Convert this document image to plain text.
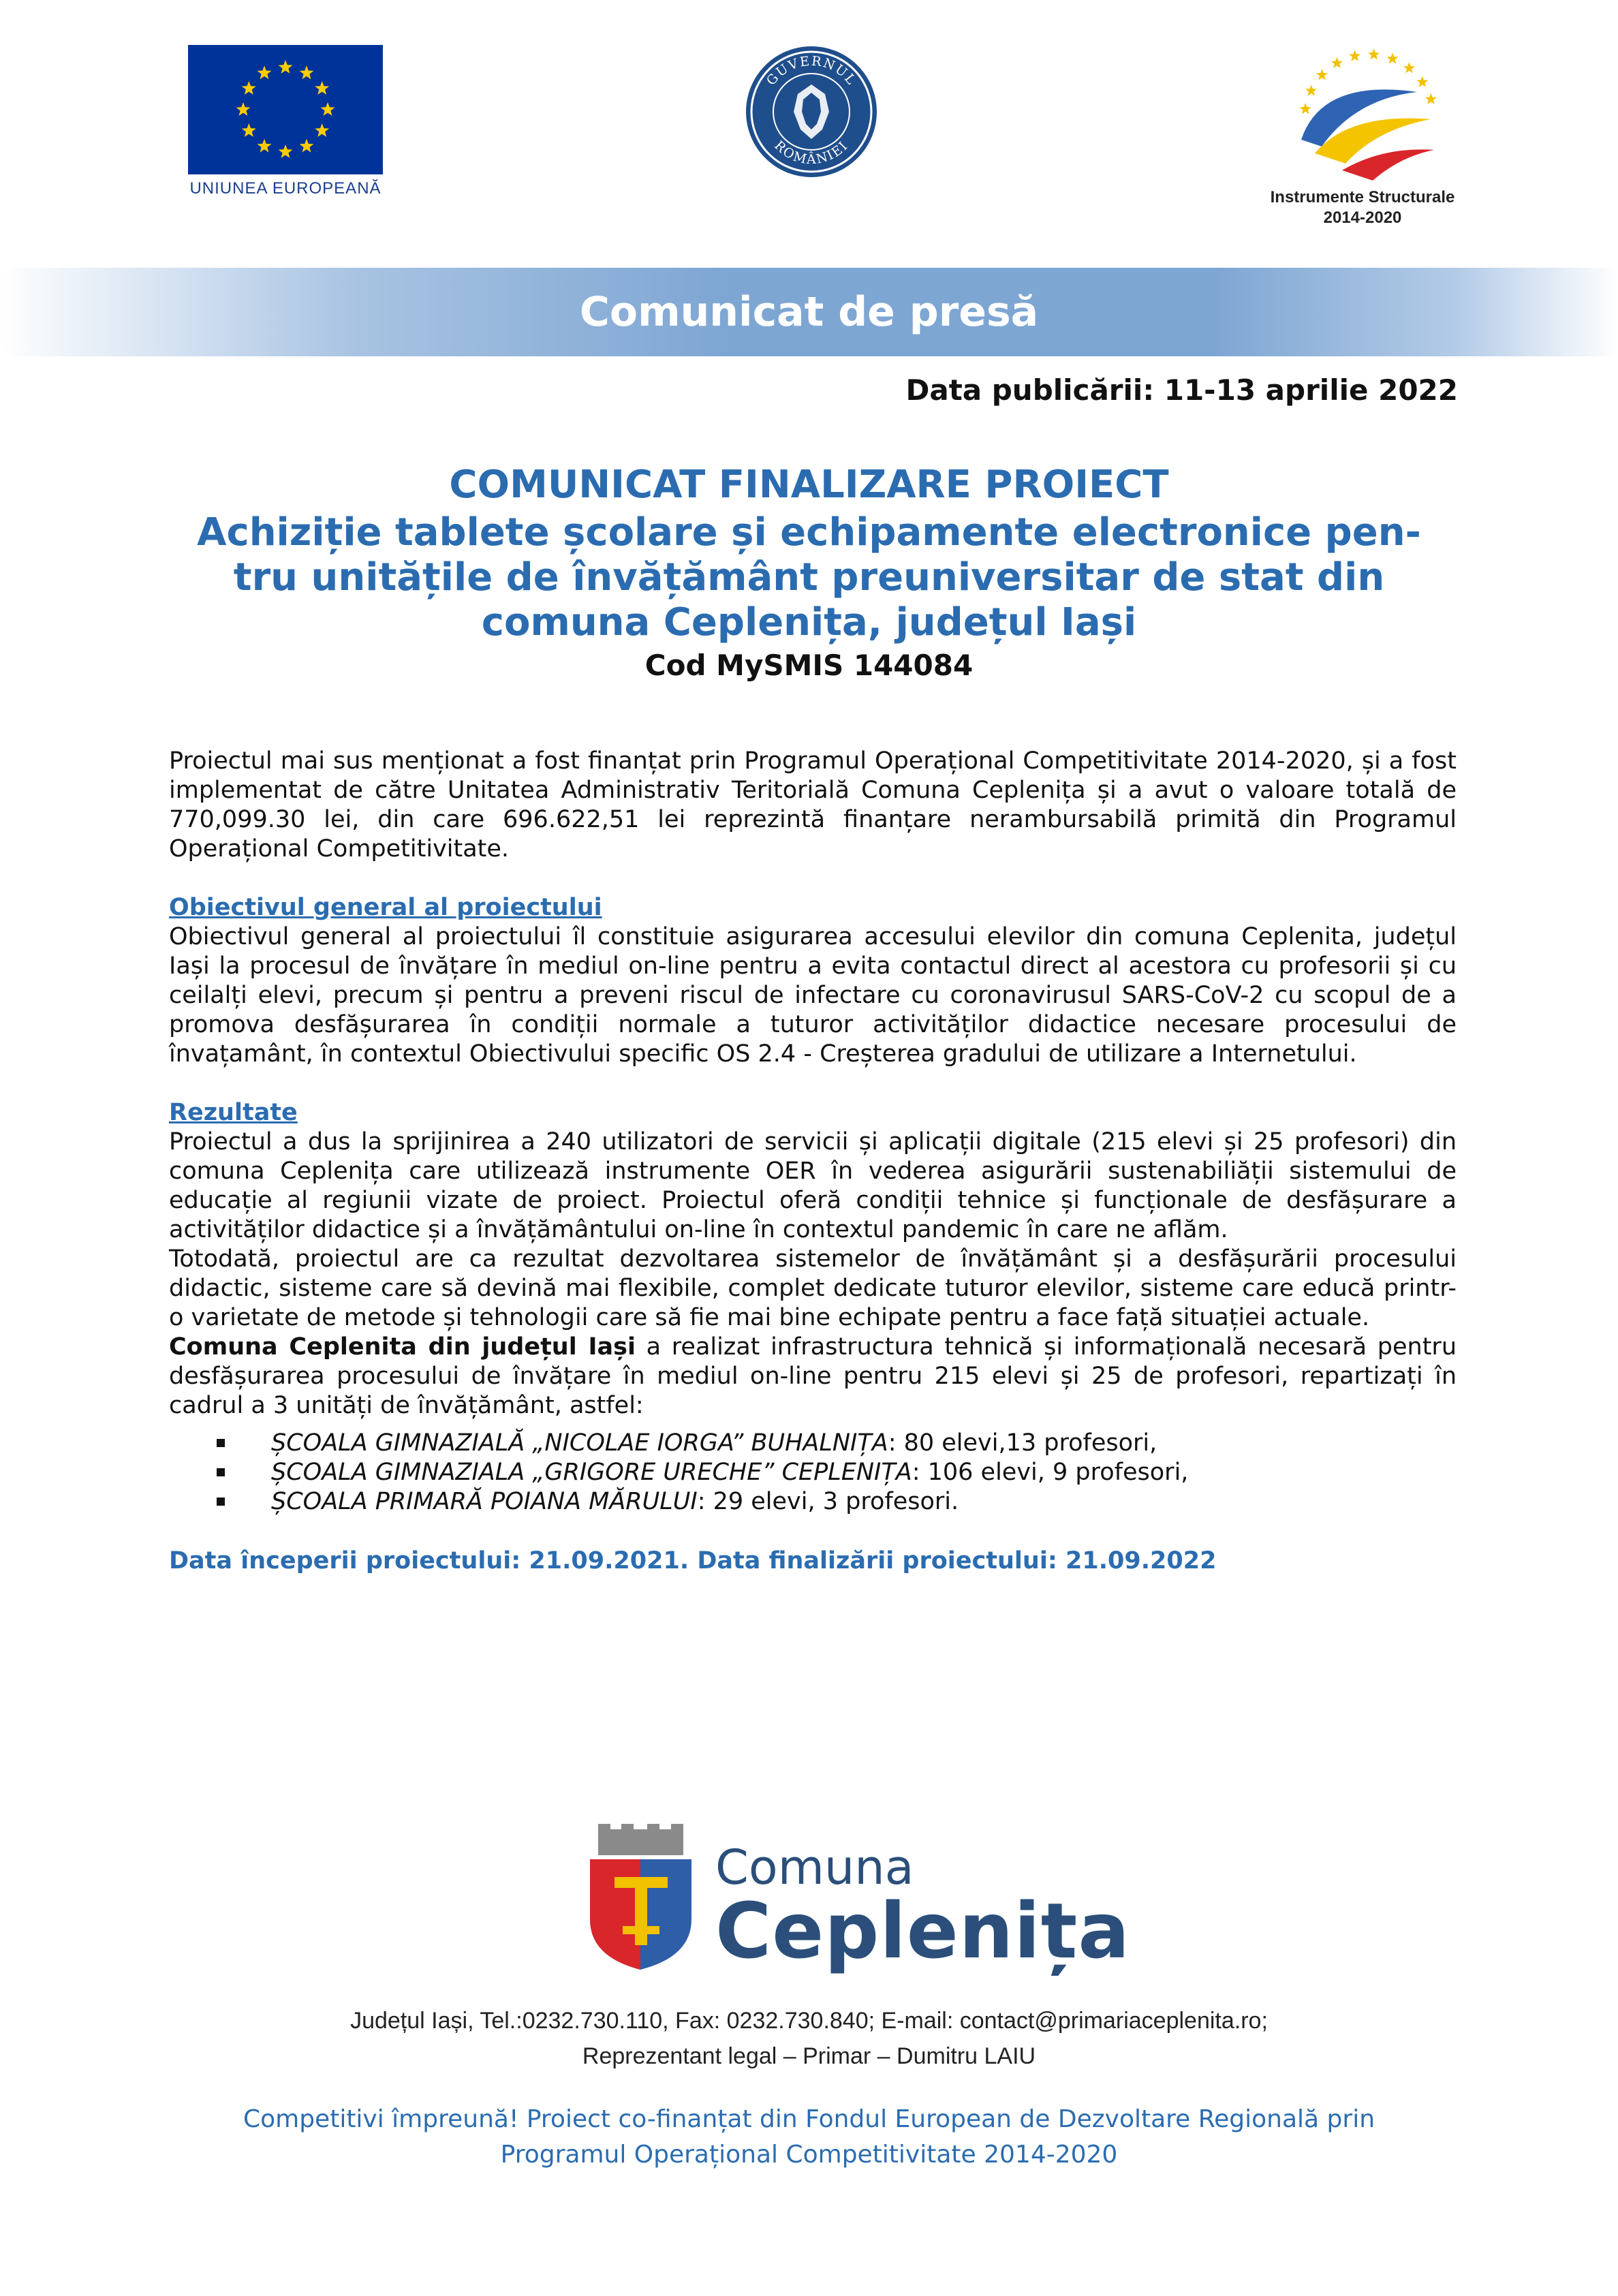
UNIUNEA EUROPEANĂ
GUVERNUL
ROMÂNIEI
Instrumente Structurale
2014-2020
Comunicat de presă
Data publicării: 11-13 aprilie 2022
COMUNICAT FINALIZARE PROIECT
Achiziție tablete școlare și echipamente electronice pen-
tru unitățile de învățământ preuniversitar de stat din
comuna Ceplenița, județul Iași
Cod MySMIS 144084

Proiectul mai sus menționat a fost finanțat prin Programul Operațional Competitivitate 2014-2020, și a fost implementat de către Unitatea Administrativ Teritorială Comuna Ceplenița și a avut o valoare totală de 770,099.30 lei, din care 696.622,51 lei reprezintă finanțare nerambursabilă primită din Programul Operațional Competitivitate.

Obiectivul general al proiectului

Obiectivul general al proiectului îl constituie asigurarea accesului elevilor din comuna Ceplenita, județul Iași la procesul de învățare în mediul on-line pentru a evita contactul direct al acestora cu profesorii și cu ceilalți elevi, precum și pentru a preveni riscul de infectare cu coronavirusul SARS-CoV-2 cu scopul de a promova desfășurarea în condiții normale a tuturor activităților didactice necesare procesului de învațamânt, în contextul Obiectivului specific OS 2.4 - Creșterea gradului de utilizare a Internetului.

Rezultate

Proiectul a dus la sprijinirea a 240 utilizatori de servicii și aplicații digitale (215 elevi și 25 profesori) din comuna Ceplenița care utilizează instrumente OER în vederea asigurării sustenabiliății sistemului de educație al regiunii vizate de proiect. Proiectul oferă condiții tehnice și funcționale de desfășurare a activităților didactice și a învățământului on-line în contextul pandemic în care ne aflăm.

Totodată, proiectul are ca rezultat dezvoltarea sistemelor de învățământ și a desfășurării procesului didactic, sisteme care să devină mai flexibile, complet dedicate tuturor elevilor, sisteme care educă printr-o varietate de metode și tehnologii care să fie mai bine echipate pentru a face față situației actuale.

Comuna Ceplenita din județul Iași a realizat infrastructura tehnică și informațională necesară pentru desfășurarea procesului de învățare în mediul on-line pentru 215 elevi și 25 de profesori, repartizați în cadrul a 3 unități de învățământ, astfel:

ȘCOALA GIMNAZIALĂ „NICOLAE IORGA” BUHALNIȚA: 80 elevi,13 profesori,
ȘCOALA GIMNAZIALA „GRIGORE URECHE” CEPLENIȚA: 106 elevi, 9 profesori,
ȘCOALA PRIMARĂ POIANA MĂRULUI: 29 elevi, 3 profesori.
Data începerii proiectului: 21.09.2021. Data finalizării proiectului: 21.09.2022
Comuna
Ceplenița
Județul Iași, Tel.:0232.730.110, Fax: 0232.730.840; E-mail: contact@primariaceplenita.ro;
Reprezentant legal – Primar – Dumitru LAIU
Competitivi împreună! Proiect co-finanțat din Fondul European de Dezvoltare Regională prin
Programul Operațional Competitivitate 2014-2020
